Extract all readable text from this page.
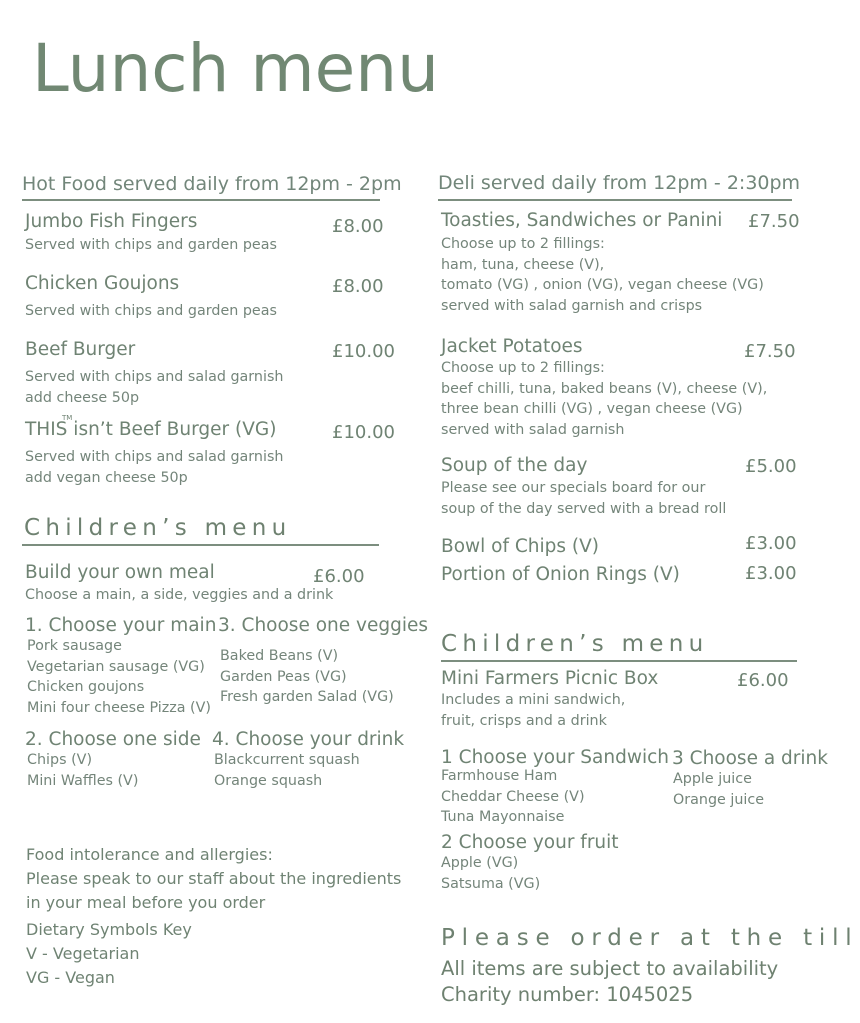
Lunch menu
Hot Food served daily from 12pm - 2pm
Jumbo Fish Fingers	£8.00
Served with chips and garden peas
Chicken Goujons	£8.00
Served with chips and garden peas
Beef Burger	£10.00
Served with chips and salad garnish
add cheese 50p
THIS
TM
isn’t Beef Burger (VG)	£10.00
Served with chips and salad garnish
add vegan cheese 50p
Children’s menu
Build your own meal	£6.00
Choose a main, a side, veggies and a drink
1. Choose your main
Pork sausage
Vegetarian sausage (VG)
Chicken goujons
Mini four cheese Pizza (V)
3. Choose one veggies
Baked Beans (V)
Garden Peas (VG)
Fresh garden Salad (VG)
2. Choose one side
Chips (V)
Mini Waffles (V)
4. Choose your drink
Blackcurrent squash
Orange squash
Food intolerance and allergies:
Please speak to our staff about the ingredients
in your meal before you order
Dietary Symbols Key
V - Vegetarian
VG - Vegan
Deli served daily from 12pm - 2:30pm
Toasties, Sandwiches or Panini £7.50
Choose up to 2 fillings:
ham, tuna, cheese (V),
tomato (VG) , onion (VG), vegan cheese (VG)
served with salad garnish and crisps
Jacket Potatoes	£7.50
Choose up to 2 fillings:
beef chilli, tuna, baked beans (V), cheese (V),
three bean chilli (VG) , vegan cheese (VG)
served with salad garnish
Soup of the day	£5.00
Please see our specials board for our
soup of the day served with a bread roll
Bowl of Chips (V)	£3.00
Portion of Onion Rings (V)	£3.00
Children’s menu
Mini Farmers Picnic Box	£6.00
Includes a mini sandwich,
fruit, crisps and a drink
1 Choose your Sandwich
Farmhouse Ham
Cheddar Cheese (V)
Tuna Mayonnaise
3 Choose a drink
Apple juice
Orange juice
2 Choose your fruit
Apple (VG)
Satsuma (VG)
Please order at the till
All items are subject to availability
Charity number: 1045025
